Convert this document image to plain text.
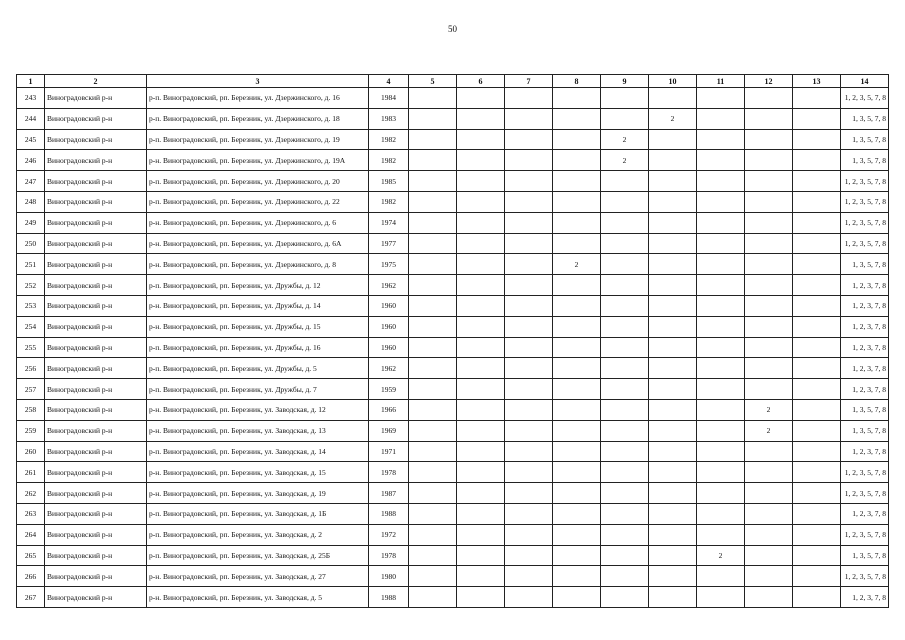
50
1	2	3	4	5	6	7	8	9	10	11	12	13	14
243	Виноградовский р-н	р-п. Виноградовский, рп. Березник, ул. Дзержинского, д. 16	1984										1, 2, 3, 5, 7, 8
244	Виноградовский р-н	р-п. Виноградовский, рп. Березник, ул. Дзержинского, д. 18	1983						2				1, 3, 5, 7, 8
245	Виноградовский р-н	р-п. Виноградовский, рп. Березник, ул. Дзержинского, д. 19	1982					2					1, 3, 5, 7, 8
246	Виноградовский р-н	р-н. Виноградовский, рп. Березник, ул. Дзержинского, д. 19А	1982					2					1, 3, 5, 7, 8
247	Виноградовский р-н	р-п. Виноградовский, рп. Березник, ул. Дзержинского, д. 20	1985										1, 2, 3, 5, 7, 8
248	Виноградовский р-н	р-п. Виноградовский, рп. Березник, ул. Дзержинского, д. 22	1982										1, 2, 3, 5, 7, 8
249	Виноградовский р-н	р-н. Виноградовский, рп. Березник, ул. Дзержинского, д. 6	1974										1, 2, 3, 5, 7, 8
250	Виноградовский р-н	р-н. Виноградовский, рп. Березник, ул. Дзержинского, д. 6А	1977										1, 2, 3, 5, 7, 8
251	Виноградовский р-н	р-н. Виноградовский, рп. Березник, ул. Дзержинского, д. 8	1975				2						1, 3, 5, 7, 8
252	Виноградовский р-н	р-п. Виноградовский, рп. Березник, ул. Дружбы, д. 12	1962										1, 2, 3, 7, 8
253	Виноградовский р-н	р-н. Виноградовский, рп. Березник, ул. Дружбы, д. 14	1960										1, 2, 3, 7, 8
254	Виноградовский р-н	р-н. Виноградовский, рп. Березник, ул. Дружбы, д. 15	1960										1, 2, 3, 7, 8
255	Виноградовский р-н	р-п. Виноградовский, рп. Березник, ул. Дружбы, д. 16	1960										1, 2, 3, 7, 8
256	Виноградовский р-н	р-п. Виноградовский, рп. Березник, ул. Дружбы, д. 5	1962										1, 2, 3, 7, 8
257	Виноградовский р-н	р-п. Виноградовский, рп. Березник, ул. Дружбы, д. 7	1959										1, 2, 3, 7, 8
258	Виноградовский р-н	р-н. Виноградовский, рп. Березник, ул. Заводская, д. 12	1966								2		1, 3, 5, 7, 8
259	Виноградовский р-н	р-н. Виноградовский, рп. Березник, ул. Заводская, д. 13	1969								2		1, 3, 5, 7, 8
260	Виноградовский р-н	р-п. Виноградовский, рп. Березник, ул. Заводская, д. 14	1971										1, 2, 3, 7, 8
261	Виноградовский р-н	р-н. Виноградовский, рп. Березник, ул. Заводская, д. 15	1978										1, 2, 3, 5, 7, 8
262	Виноградовский р-н	р-н. Виноградовский, рп. Березник, ул. Заводская, д. 19	1987										1, 2, 3, 5, 7, 8
263	Виноградовский р-н	р-п. Виноградовский, рп. Березник, ул. Заводская, д. 1Б	1988										1, 2, 3, 7, 8
264	Виноградовский р-н	р-п. Виноградовский, рп. Березник, ул. Заводская, д. 2	1972										1, 2, 3, 5, 7, 8
265	Виноградовский р-н	р-п. Виноградовский, рп. Березник, ул. Заводская, д. 25Б	1978							2			1, 3, 5, 7, 8
266	Виноградовский р-н	р-н. Виноградовский, рп. Березник, ул. Заводская, д. 27	1980										1, 2, 3, 5, 7, 8
267	Виноградовский р-н	р-н. Виноградовский, рп. Березник, ул. Заводская, д. 5	1988										1, 2, 3, 7, 8
